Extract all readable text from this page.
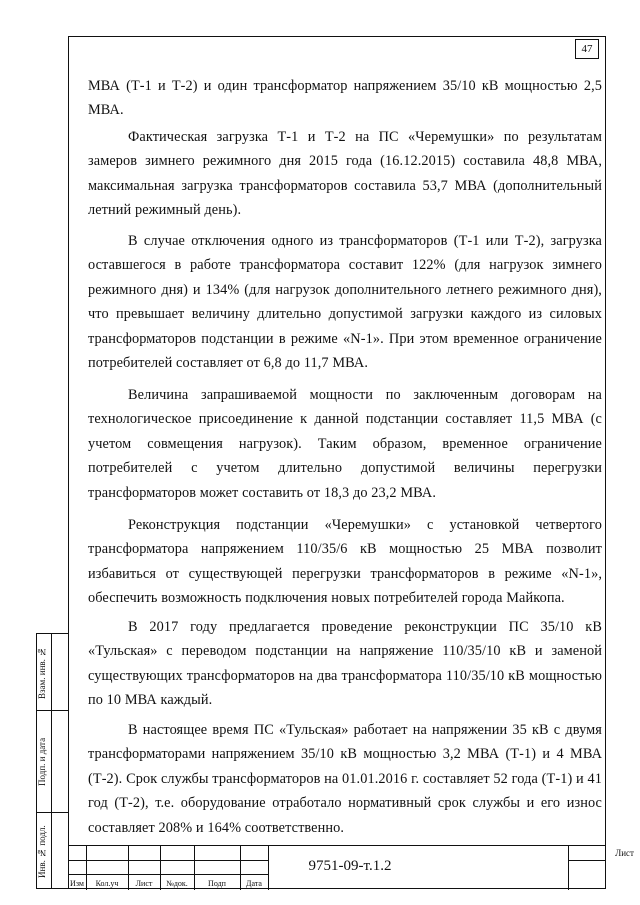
47

МВА (Т-1 и Т-2) и один трансформатор напряжением 35/10 кВ мощностью 2,5 МВА.

Фактическая загрузка Т-1 и Т-2 на ПС «Черемушки» по результатам замеров зимнего режимного дня 2015 года (16.12.2015) составила 48,8 МВА, максимальная загрузка трансформаторов составила 53,7 МВА (дополнительный летний режимный день).

В случае отключения одного из трансформаторов (Т-1 или Т-2), загрузка оставшегося в работе трансформатора составит 122% (для нагрузок зимнего режимного дня) и 134% (для нагрузок дополнительного летнего режимного дня), что превышает величину длительно допустимой загрузки каждого из силовых трансформаторов подстанции в режиме «N-1». При этом временное ограничение потребителей составляет от 6,8 до 11,7 МВА.

Величина запрашиваемой мощности по заключенным договорам на технологическое присоединение к данной подстанции составляет 11,5 МВА (с учетом совмещения нагрузок). Таким образом, временное ограничение потребителей с учетом длительно допустимой величины перегрузки трансформаторов может составить от 18,3 до 23,2 МВА.

Реконструкция подстанции «Черемушки» с установкой четвертого трансформатора напряжением 110/35/6 кВ мощностью 25 МВА позволит избавиться от существующей перегрузки трансформаторов в режиме «N-1», обеспечить возможность подключения новых потребителей города Майкопа.

В 2017 году предлагается проведение реконструкции ПС 35/10 кВ «Тульская» с переводом подстанции на напряжение 110/35/10 кВ и заменой существующих трансформаторов на два трансформатора 110/35/10 кВ мощностью по 10 МВА каждый.

В настоящее время ПС «Тульская» работает на напряжении 35 кВ с двумя трансформаторами напряжением 35/10 кВ мощностью 3,2 МВА (Т-1) и 4 МВА (Т-2). Срок службы трансформаторов на 01.01.2016 г. составляет 52 года (Т-1) и 41 год (Т-2), т.е. оборудование отработало нормативный срок службы и его износ составляет 208% и 164% соответственно.

Взам. инв. №
Подп. и дата
Инв. № подл.
Изм	Кол.уч	Лист	№док.	Подп	Дата
9751-09-т.1.2
Лист
